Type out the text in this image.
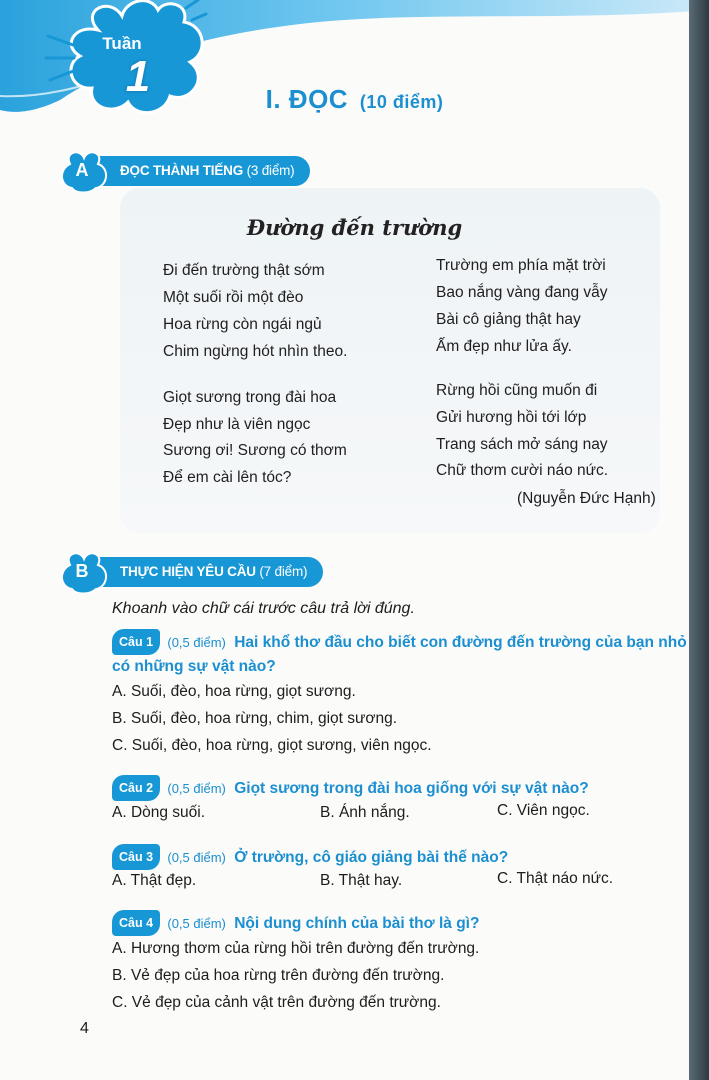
Tuần
1	I. ĐỌC (10 điểm)
ĐỌC THÀNH TIẾNG (3 điểm)
A
Đường đến trường
Đi đến trường thật sớm
Một suối rồi một đèo
Hoa rừng còn ngái ngủ
Chim ngừng hót nhìn theo.
Trường em phía mặt trời
Bao nắng vàng đang vẫy
Bài cô giảng thật hay
Ấm đẹp như lửa ấy.
Giọt sương trong đài hoa
Đẹp như là viên ngọc
Sương ơi! Sương có thơm
Để em cài lên tóc?
Rừng hồi cũng muốn đi
Gửi hương hồi tới lớp
Trang sách mở sáng nay
Chữ thơm cười náo nức.
(Nguyễn Đức Hạnh)
THỰC HIỆN YÊU CẦU (7 điểm)
B
Khoanh vào chữ cái trước câu trả lời đúng.
Câu 1 (0,5 điểm) Hai khổ thơ đầu cho biết con đường đến trường của bạn nhỏ có những sự vật nào?
A. Suối, đèo, hoa rừng, giọt sương.
B. Suối, đèo, hoa rừng, chim, giọt sương.
C. Suối, đèo, hoa rừng, giọt sương, viên ngọc.
Câu 2 (0,5 điểm) Giọt sương trong đài hoa giống với sự vật nào?
A. Dòng suối.	B. Ánh nắng.	C. Viên ngọc.
Câu 3 (0,5 điểm) Ở trường, cô giáo giảng bài thế nào?
A. Thật đẹp.	B. Thật hay.	C. Thật náo nức.
Câu 4 (0,5 điểm) Nội dung chính của bài thơ là gì?
A. Hương thơm của rừng hồi trên đường đến trường.
B. Vẻ đẹp của hoa rừng trên đường đến trường.
C. Vẻ đẹp của cảnh vật trên đường đến trường.
4
